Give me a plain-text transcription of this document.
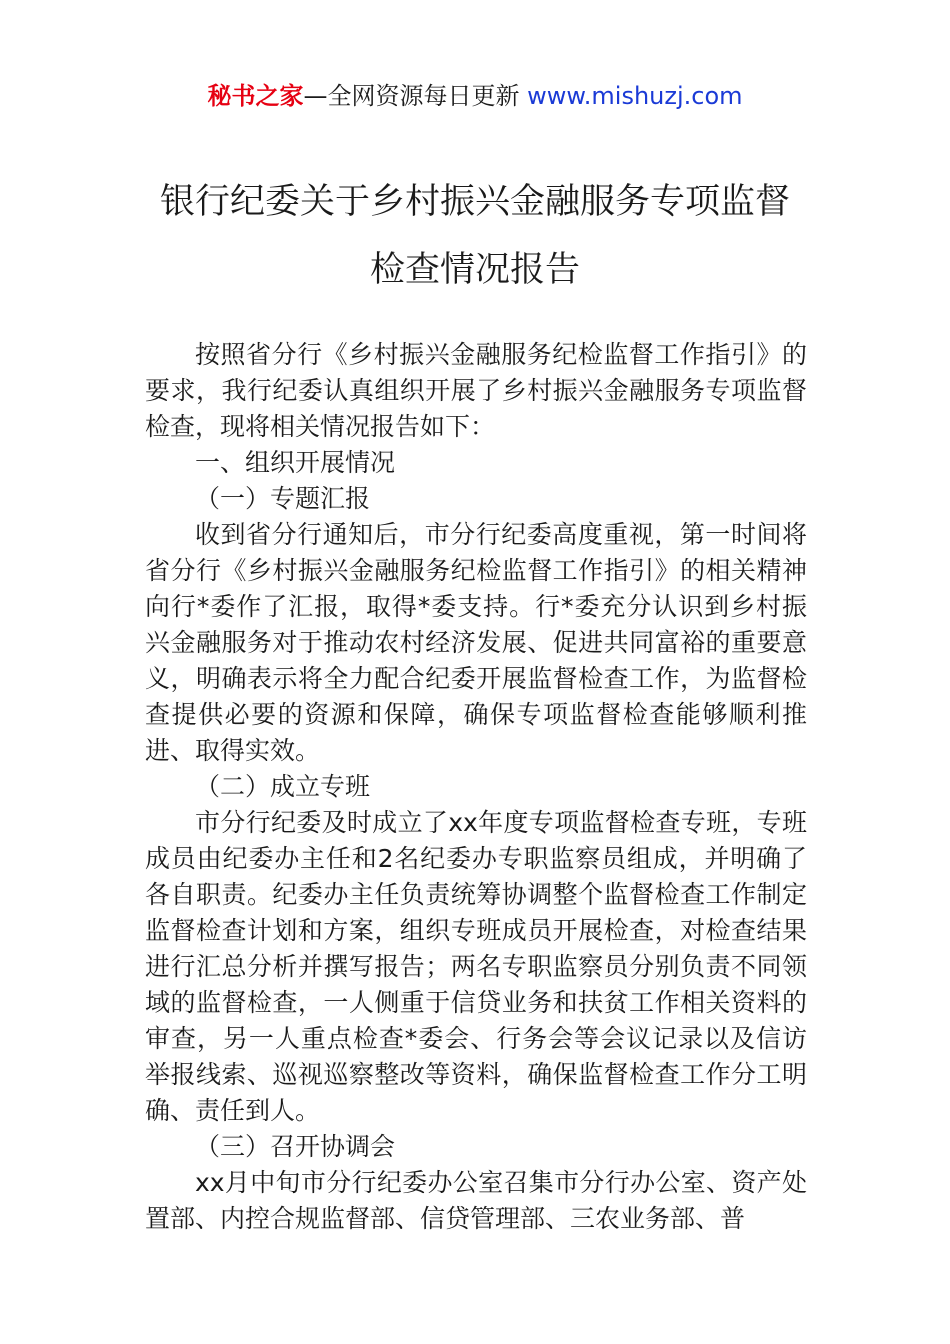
秘书之家—全网资源每日更新 www.mishuzj.com
银行纪委关于乡村振兴金融服务专项监督
检查情况报告

按照省分行《乡村振兴金融服务纪检监督工作指引》的要求，我行纪委认真组织开展了乡村振兴金融服务专项监督检查，现将相关情况报告如下：

一、组织开展情况

（一）专题汇报

收到省分行通知后，市分行纪委高度重视，第一时间将省分行《乡村振兴金融服务纪检监督工作指引》的相关精神向行*委作了汇报，取得*委支持。行*委充分认识到乡村振兴金融服务对于推动农村经济发展、促进共同富裕的重要意义，明确表示将全力配合纪委开展监督检查工作，为监督检查提供必要的资源和保障，确保专项监督检查能够顺利推进、取得实效。

（二）成立专班

市分行纪委及时成立了xx年度专项监督检查专班，专班成员由纪委办主任和2名纪委办专职监察员组成，并明确了各自职责。纪委办主任负责统筹协调整个监督检查工作制定监督检查计划和方案，组织专班成员开展检查，对检查结果进行汇总分析并撰写报告；两名专职监察员分别负责不同领域的监督检查，一人侧重于信贷业务和扶贫工作相关资料的审查，另一人重点检查*委会、行务会等会议记录以及信访举报线索、巡视巡察整改等资料，确保监督检查工作分工明确、责任到人。

（三）召开协调会

xx月中旬市分行纪委办公室召集市分行办公室、资产处置部、内控合规监督部、信贷管理部、三农业务部、普
